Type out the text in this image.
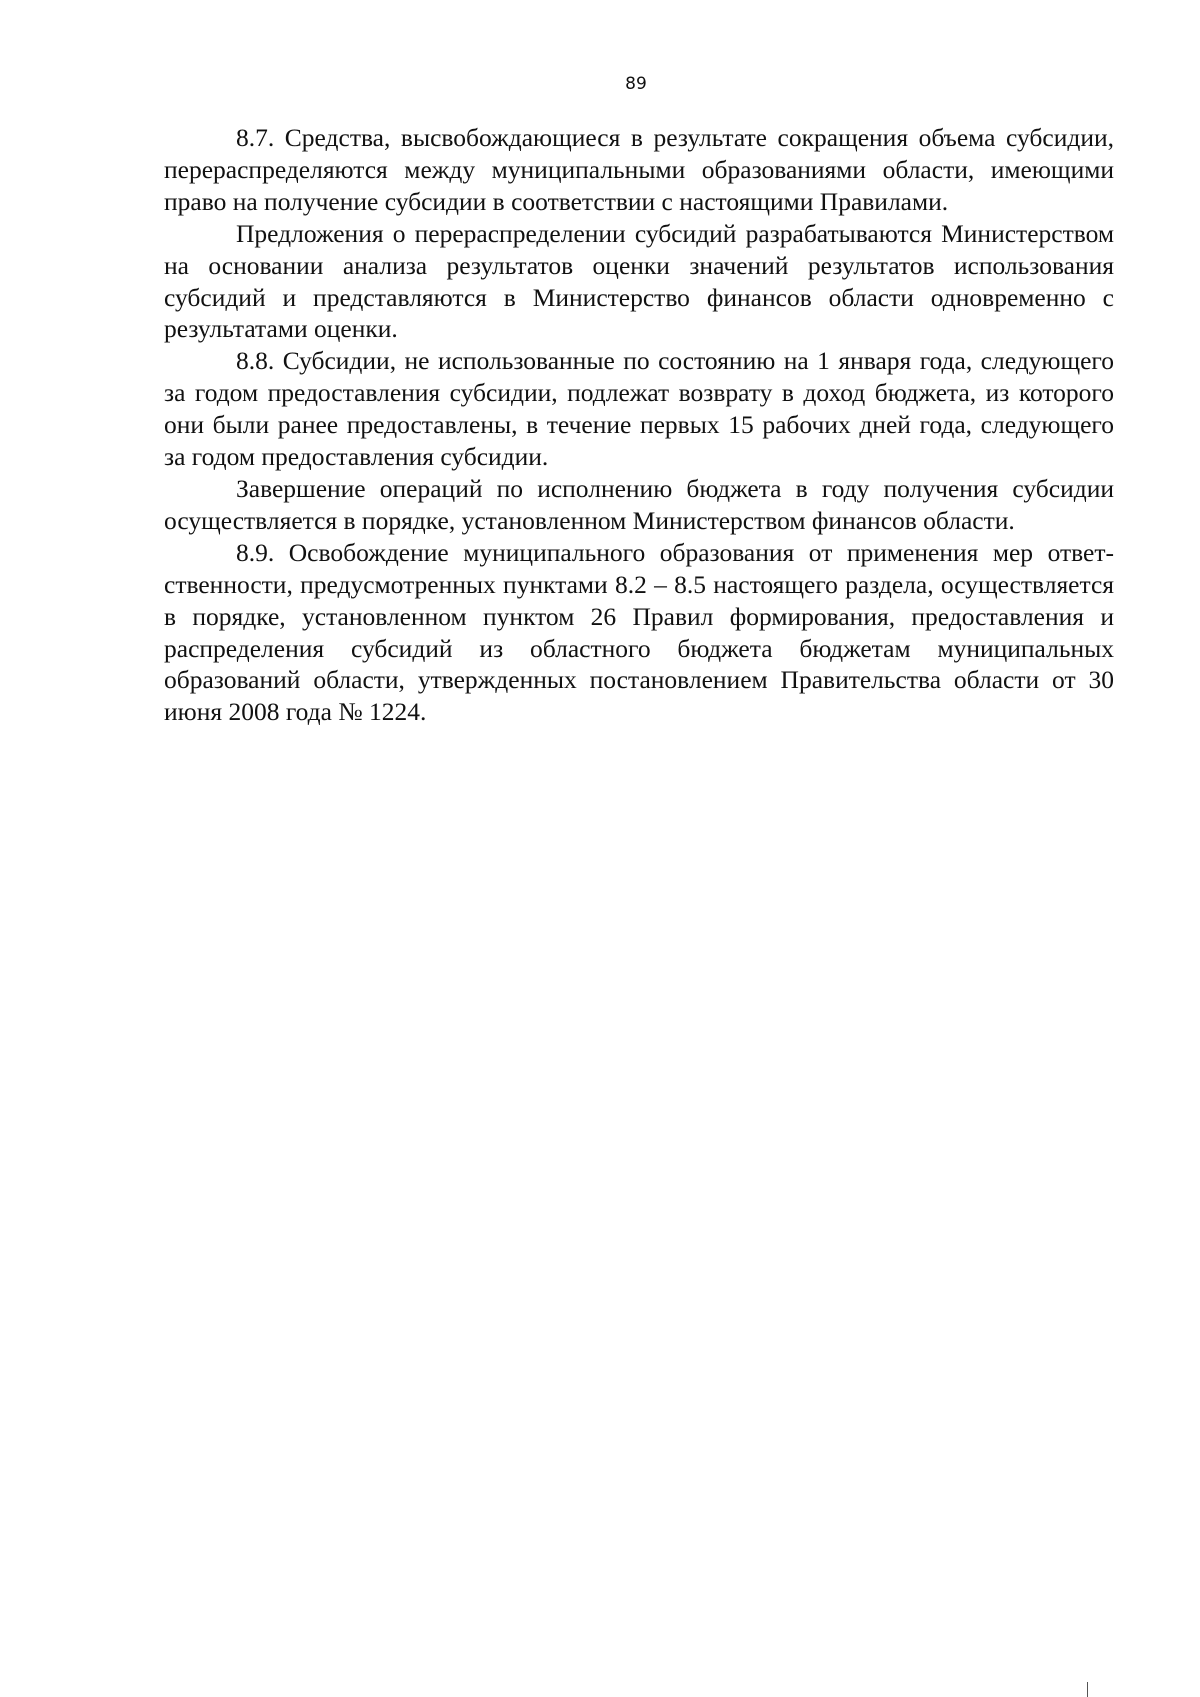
89

8.7. Средства, высвобождающиеся в результате сокращения объема субсидии, перераспределяются между муниципальными образованиями области, имеющими право на получение субсидии в соответствии с настоящими Правилами.

Предложения о перераспределении субсидий разрабатываются Министерством на основании анализа результатов оценки значений результатов использования субсидий и представляются в Министерство финансов области одновременно с результатами оценки.

8.8. Субсидии, не использованные по состоянию на 1 января года, следующего за годом предоставления субсидии, подлежат возврату в доход бюджета, из которого они были ранее предоставлены, в течение первых 15 рабочих дней года, следующего за годом предоставления субсидии.

Завершение операций по исполнению бюджета в году получения субсидии осуществляется в порядке, установленном Министерством финансов области.

8.9. Освобождение муниципального образования от применения мер ответственности, предусмотренных пунктами 8.2 – 8.5 настоящего раздела, осуществляется в порядке, установленном пунктом 26 Правил формирования, предоставления и распределения субсидий из областного бюджета бюджетам муниципальных образований области, утвержденных постановлением Правительства области от 30 июня 2008 года № 1224.
